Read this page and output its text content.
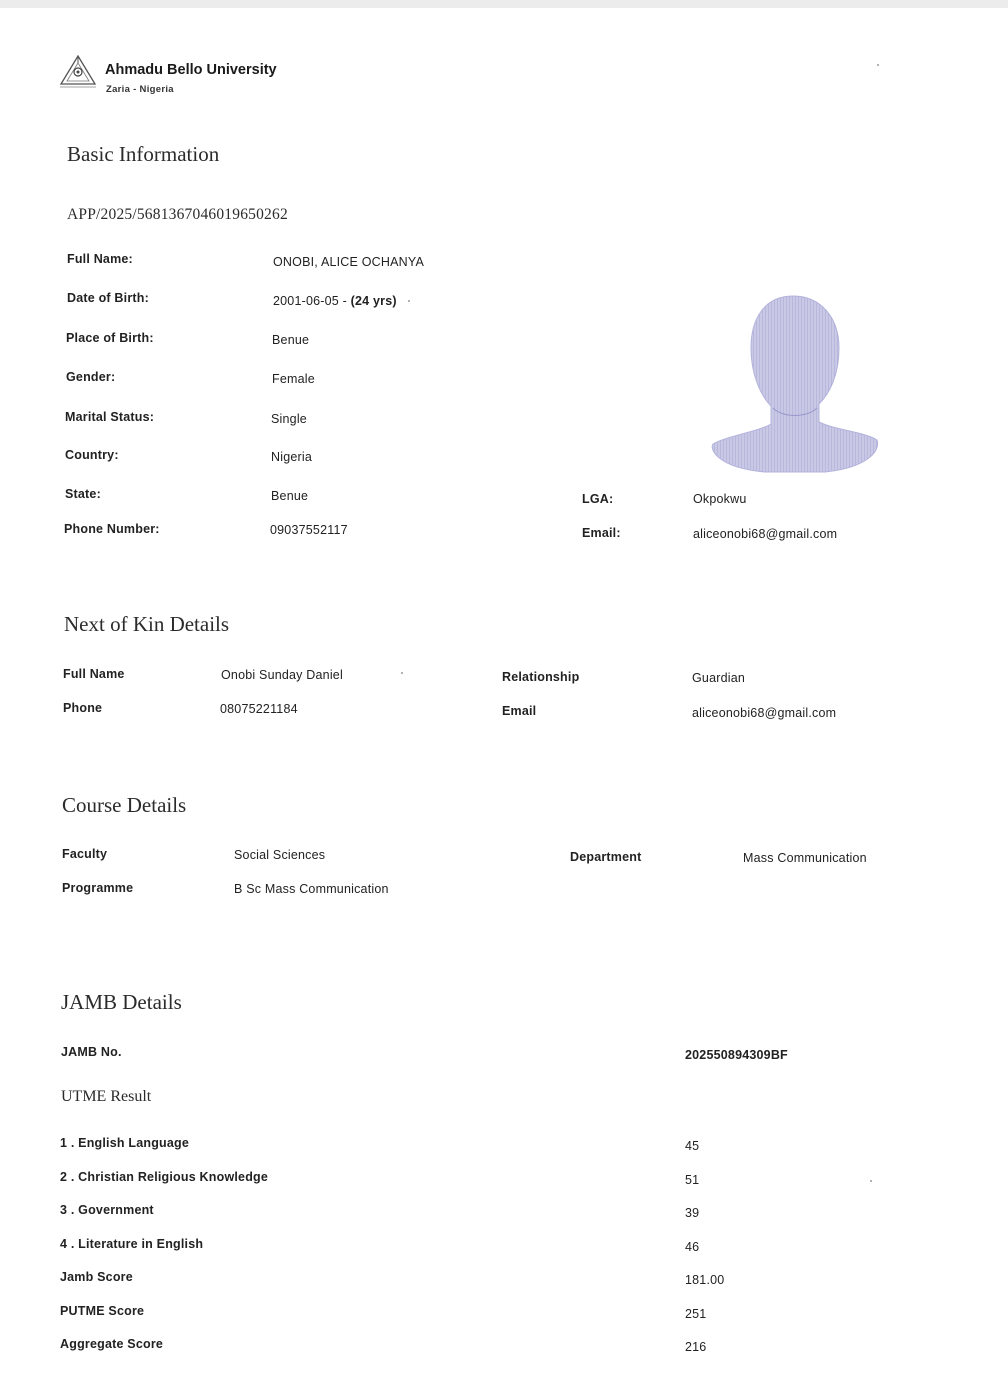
Ahmadu Bello University
Zaria - Nigeria
Basic Information
APP/2025/5681367046019650262
Full Name:	ONOBI, ALICE OCHANYA
Date of Birth:	2001-06-05 - (24 yrs)
Place of Birth:	Benue
Gender:	Female
Marital Status:	Single
Country:	Nigeria
State:	Benue	LGA:	Okpokwu
Phone Number:	09037552117	Email:	aliceonobi68@gmail.com
Next of Kin Details
Full Name	Onobi Sunday Daniel	Relationship	Guardian
Phone	08075221184	Email	aliceonobi68@gmail.com
Course Details
Faculty	Social Sciences	Department	Mass Communication
Programme	B Sc Mass Communication
JAMB Details
JAMB No.	202550894309BF
UTME Result
1 . English Language	45
2 . Christian Religious Knowledge	51
3 . Government	39
4 . Literature in English	46
Jamb Score	181.00
PUTME Score	251
Aggregate Score	216
